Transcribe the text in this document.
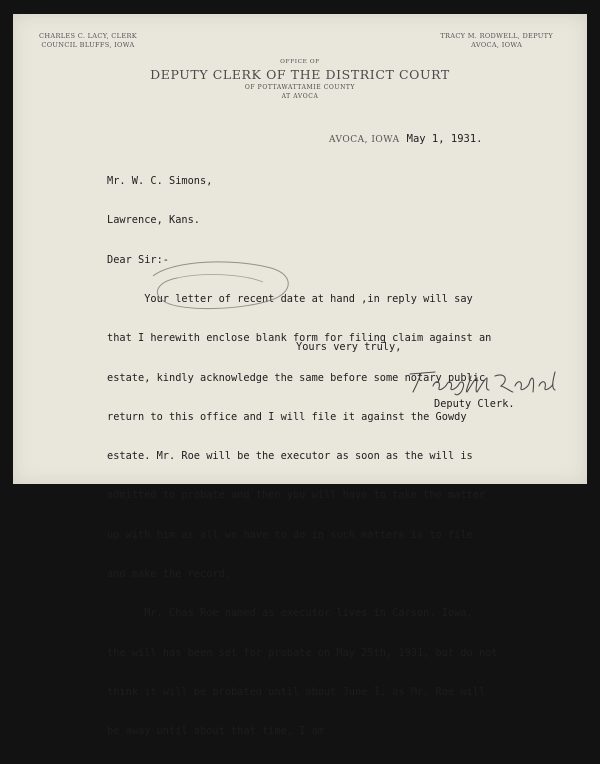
CHARLES C. LACY, CLERK
COUNCIL BLUFFS, IOWA
TRACY M. RODWELL, DEPUTY
AVOCA, IOWA
OFFICE OF
DEPUTY CLERK OF THE DISTRICT COURT
OF POTTAWATTAMIE COUNTY
AT AVOCA
AVOCA, IOWA May 1, 1931.

Mr. W. C. Simons,

Lawrence, Kans.

Dear Sir:-

Your letter of recent date at hand ,in reply will say

that I herewith enclose blank form for filing claim against an

estate, kindly acknowledge the same before some notary public

return to this office and I will file it against the Gowdy

estate. Mr. Roe will be the executor as soon as the will is

admitted to probate and then you will have to take the matter

up with him as all we have to do in such matters is to file

and make the record.

Mr. Chas Roe named as executor lives in Carson, Iowa,

the will has been set for probate on May 25th, 1931, but do not

think it will be probated until about June 1, as Mr. Roe will

be away until about that time, I am

Yours very truly,
Deputy Clerk.
